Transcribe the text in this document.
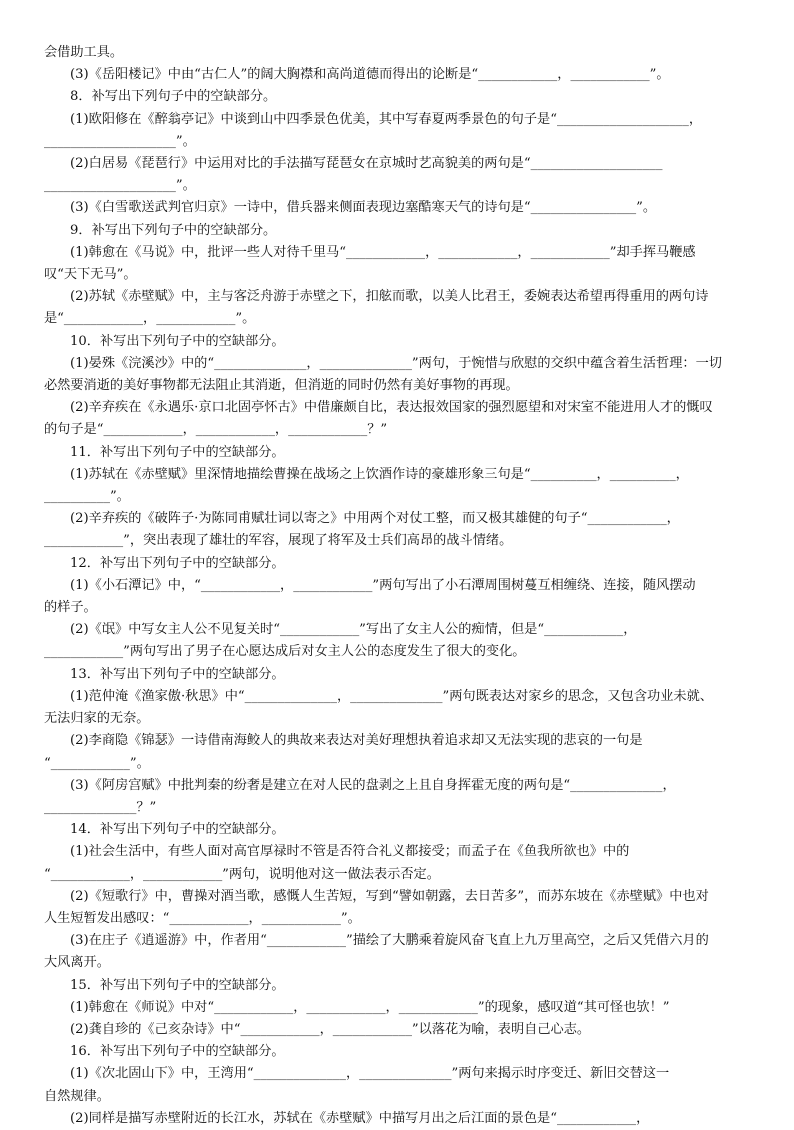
会借助工具。
(3)《岳阳楼记》中由“古仁人”的阔大胸襟和高尚道德而得出的论断是“____________，____________”。
8．补写出下列句子中的空缺部分。
(1)欧阳修在《醉翁亭记》中谈到山中四季景色优美，其中写春夏两季景色的句子是“____________________，
____________________”。
(2)白居易《琵琶行》中运用对比的手法描写琵琶女在京城时艺高貌美的两句是“____________________
____________________”。
(3)《白雪歌送武判官归京》一诗中，借兵器来侧面表现边塞酷寒天气的诗句是“________________”。
9．补写出下列句子中的空缺部分。
(1)韩愈在《马说》中，批评一些人对待千里马“____________，____________，____________”却手挥马鞭感
叹“天下无马”。
(2)苏轼《赤壁赋》中，主与客泛舟游于赤壁之下，扣舷而歌，以美人比君王，委婉表达希望再得重用的两句诗
是“____________，____________”。
10．补写出下列句子中的空缺部分。
(1)晏殊《浣溪沙》中的“______________，______________”两句，于惋惜与欣慰的交织中蕴含着生活哲理：一切
必然要消逝的美好事物都无法阻止其消逝，但消逝的同时仍然有美好事物的再现。
(2)辛弃疾在《永遇乐·京口北固亭怀古》中借廉颇自比，表达报效国家的强烈愿望和对宋室不能进用人才的慨叹
的句子是“____________，____________，____________？”
11．补写出下列句子中的空缺部分。
(1)苏轼在《赤壁赋》里深情地描绘曹操在战场之上饮酒作诗的豪雄形象三句是“__________，__________，
__________”。
(2)辛弃疾的《破阵子·为陈同甫赋壮词以寄之》中用两个对仗工整，而又极其雄健的句子“____________，
____________”，突出表现了雄壮的军容，展现了将军及士兵们高昂的战斗情绪。
12．补写出下列句子中的空缺部分。
(1)《小石潭记》中，“____________，____________”两句写出了小石潭周围树蔓互相缠绕、连接，随风摆动
的样子。
(2)《氓》中写女主人公不见复关时“____________”写出了女主人公的痴情，但是“____________，
____________”两句写出了男子在心愿达成后对女主人公的态度发生了很大的变化。
13．补写出下列句子中的空缺部分。
(1)范仲淹《渔家傲·秋思》中“______________，______________”两句既表达对家乡的思念，又包含功业未就、
无法归家的无奈。
(2)李商隐《锦瑟》一诗借南海鲛人的典故来表达对美好理想执着追求却又无法实现的悲哀的一句是
“____________”。
(3)《阿房宫赋》中批判秦的纷奢是建立在对人民的盘剥之上且自身挥霍无度的两句是“______________，
______________？”
14．补写出下列句子中的空缺部分。
(1)社会生活中，有些人面对高官厚禄时不管是否符合礼义都接受；而孟子在《鱼我所欲也》中的
“____________，____________”两句，说明他对这一做法表示否定。
(2)《短歌行》中，曹操对酒当歌，感慨人生苦短，写到“譬如朝露，去日苦多”，而苏东坡在《赤壁赋》中也对
人生短暂发出感叹：“____________，____________”。
(3)在庄子《逍遥游》中，作者用“____________”描绘了大鹏乘着旋风奋飞直上九万里高空，之后又凭借六月的
大风离开。
15．补写出下列句子中的空缺部分。
(1)韩愈在《师说》中对“____________，____________，____________”的现象，感叹道“其可怪也欤！”
(2)龚自珍的《己亥杂诗》中“____________，____________”以落花为喻，表明自己心志。
16．补写出下列句子中的空缺部分。
(1)《次北固山下》中，王湾用“______________，______________”两句来揭示时序变迁、新旧交替这一
自然规律。
(2)同样是描写赤壁附近的长江水，苏轼在《赤壁赋》中描写月出之后江面的景色是“____________，
